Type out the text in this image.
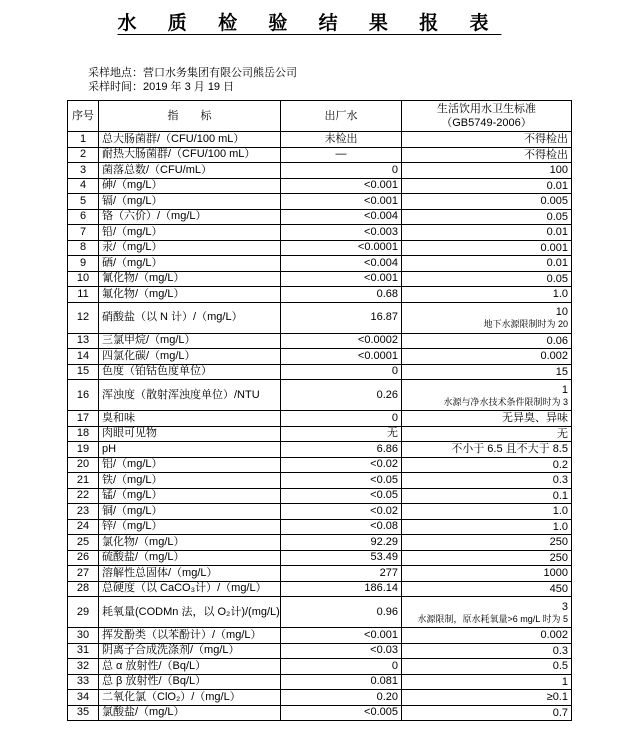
水 质 检 验 结 果 报 表
采样地点：营口水务集团有限公司熊岳公司
采样时间：2019 年 3 月 19 日
序号	指　　标	出厂水	生活饮用水卫生标准
（GB5749-2006）

1	总大肠菌群/（CFU/100 mL）	未检出	不得检出

2	耐热大肠菌群/（CFU/100 mL）	—	不得检出

3	菌落总数/（CFU/mL）	0	100

4	砷/（mg/L）	<0.001	0.01

5	镉/（mg/L）	<0.001	0.005

6	铬（六价）/（mg/L）	<0.004	0.05

7	铅/（mg/L）	<0.003	0.01

8	汞/（mg/L）	<0.0001	0.001

9	硒/（mg/L）	<0.004	0.01

10	氰化物/（mg/L）	<0.001	0.05

11	氟化物/（mg/L）	0.68	1.0

12	硝酸盐（以 N 计）/（mg/L）	16.87	10
地下水源限制时为 20

13	三氯甲烷/（mg/L）	<0.0002	0.06

14	四氯化碳/（mg/L）	<0.0001	0.002

15	色度（铂钴色度单位）	0	15

16	浑浊度（散射浑浊度单位）/NTU	0.26	1
水源与净水技术条件限制时为 3

17	臭和味	0	无异臭、异味

18	肉眼可见物	无	无

19	pH	6.86	不小于 6.5 且不大于 8.5

20	铝/（mg/L）	<0.02	0.2

21	铁/（mg/L）	<0.05	0.3

22	锰/（mg/L）	<0.05	0.1

23	铜/（mg/L）	<0.02	1.0

24	锌/（mg/L）	<0.08	1.0

25	氯化物/（mg/L）	92.29	250

26	硫酸盐/（mg/L）	53.49	250

27	溶解性总固体/（mg/L）	277	1000

28	总硬度（以 CaCO₃计）/（mg/L）	186.14	450

29	耗氧量(CODMn 法，以 O₂计)/(mg/L)	0.96	3
水源限制，原水耗氧量>6 mg/L 时为 5

30	挥发酚类（以苯酚计）/（mg/L）	<0.001	0.002

31	阴离子合成洗涤剂/（mg/L）	<0.03	0.3

32	总 α 放射性/（Bq/L）	0	0.5

33	总 β 放射性/（Bq/L）	0.081	1

34	二氧化氯（ClO₂）/（mg/L）	0.20	≥0.1

35	氯酸盐/（mg/L）	<0.005	0.7
